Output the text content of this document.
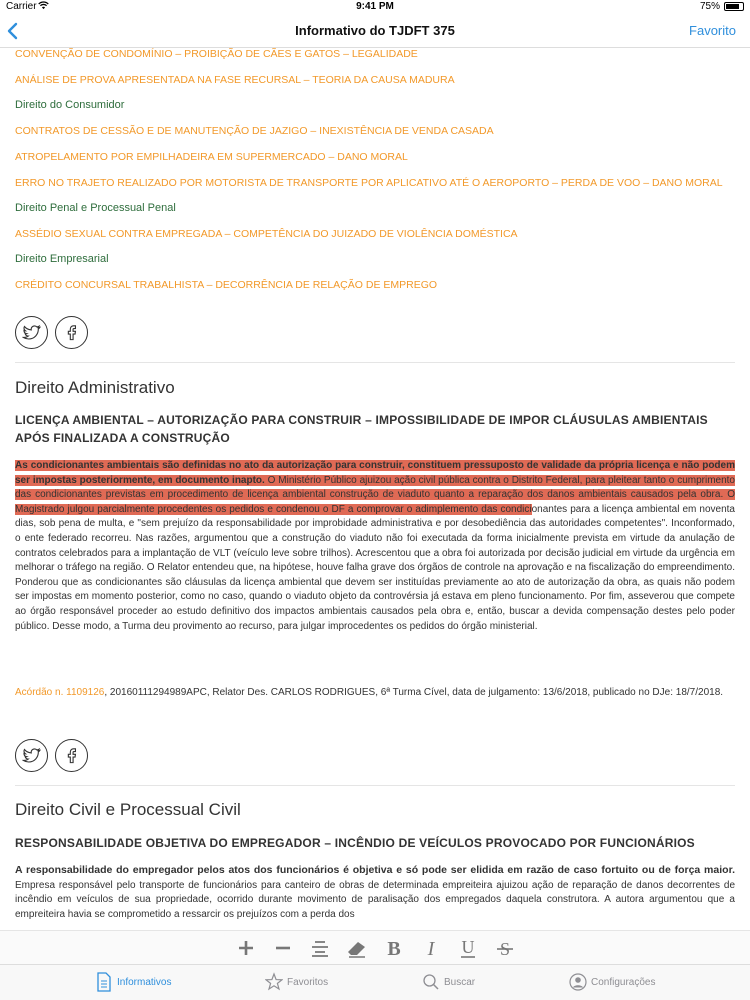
Carrier	9:41 PM	75%
Informativo do TJDFT 375	Favorito
CONVENÇÃO DE CONDOMÍNIO – PROIBIÇÃO DE CÃES E GATOS – LEGALIDADE
ANÁLISE DE PROVA APRESENTADA NA FASE RECURSAL – TEORIA DA CAUSA MADURA
Direito do Consumidor
CONTRATOS DE CESSÃO E DE MANUTENÇÃO DE JAZIGO – INEXISTÊNCIA DE VENDA CASADA
ATROPELAMENTO POR EMPILHADEIRA EM SUPERMERCADO – DANO MORAL
ERRO NO TRAJETO REALIZADO POR MOTORISTA DE TRANSPORTE POR APLICATIVO ATÉ O AEROPORTO – PERDA DE VOO – DANO MORAL
Direito Penal e Processual Penal
ASSÉDIO SEXUAL CONTRA EMPREGADA – COMPETÊNCIA DO JUIZADO DE VIOLÊNCIA DOMÉSTICA
Direito Empresarial
CRÉDITO CONCURSAL TRABALHISTA – DECORRÊNCIA DE RELAÇÃO DE EMPREGO
Direito Administrativo
LICENÇA AMBIENTAL – AUTORIZAÇÃO PARA CONSTRUIR – IMPOSSIBILIDADE DE IMPOR CLÁUSULAS AMBIENTAIS APÓS FINALIZADA A CONSTRUÇÃO
As condicionantes ambientais são definidas no ato da autorização para construir, constituem pressuposto de validade da própria licença e não podem ser impostas posteriormente, em documento inapto. O Ministério Público ajuizou ação civil pública contra o Distrito Federal, para pleitear tanto o cumprimento das condicionantes previstas em procedimento de licença ambiental construção de viaduto quanto a reparação dos danos ambientais causados pela obra. O Magistrado julgou parcialmente procedentes os pedidos e condenou o DF a comprovar o adimplemento das condicionantes para a licença ambiental em noventa dias, sob pena de multa, e "sem prejuízo da responsabilidade por improbidade administrativa e por desobediência das autoridades competentes". Inconformado, o ente federado recorreu. Nas razões, argumentou que a construção do viaduto não foi executada da forma inicialmente prevista em virtude da anulação de contratos celebrados para a implantação de VLT (veículo leve sobre trilhos). Acrescentou que a obra foi autorizada por decisão judicial em virtude da urgência em melhorar o tráfego na região. O Relator entendeu que, na hipótese, houve falha grave dos órgãos de controle na aprovação e na fiscalização do empreendimento. Ponderou que as condicionantes são cláusulas da licença ambiental que devem ser instituídas previamente ao ato de autorização da obra, as quais não podem ser impostas em momento posterior, como no caso, quando o viaduto objeto da controvérsia já estava em pleno funcionamento. Por fim, asseverou que compete ao órgão responsável proceder ao estudo definitivo dos impactos ambientais causados pela obra e, então, buscar a devida compensação destes pelo poder público. Desse modo, a Turma deu provimento ao recurso, para julgar improcedentes os pedidos do órgão ministerial.
Acórdão n. 1109126, 20160111294989APC, Relator Des. CARLOS RODRIGUES, 6ª Turma Cível, data de julgamento: 13/6/2018, publicado no DJe: 18/7/2018.
Direito Civil e Processual Civil
RESPONSABILIDADE OBJETIVA DO EMPREGADOR – INCÊNDIO DE VEÍCULOS PROVOCADO POR FUNCIONÁRIOS
A responsabilidade do empregador pelos atos dos funcionários é objetiva e só pode ser elidida em razão de caso fortuito ou de força maior. Empresa responsável pelo transporte de funcionários para canteiro de obras de determinada empreiteira ajuizou ação de reparação de danos decorrentes de incêndio em veículos de sua propriedade, ocorrido durante movimento de paralisação dos empregados daquela construtora. A autora argumentou que a empreiteira havia se comprometido a ressarcir os prejuízos com a perda dos
B I U S
Informativos	Favoritos	Buscar	Configurações
